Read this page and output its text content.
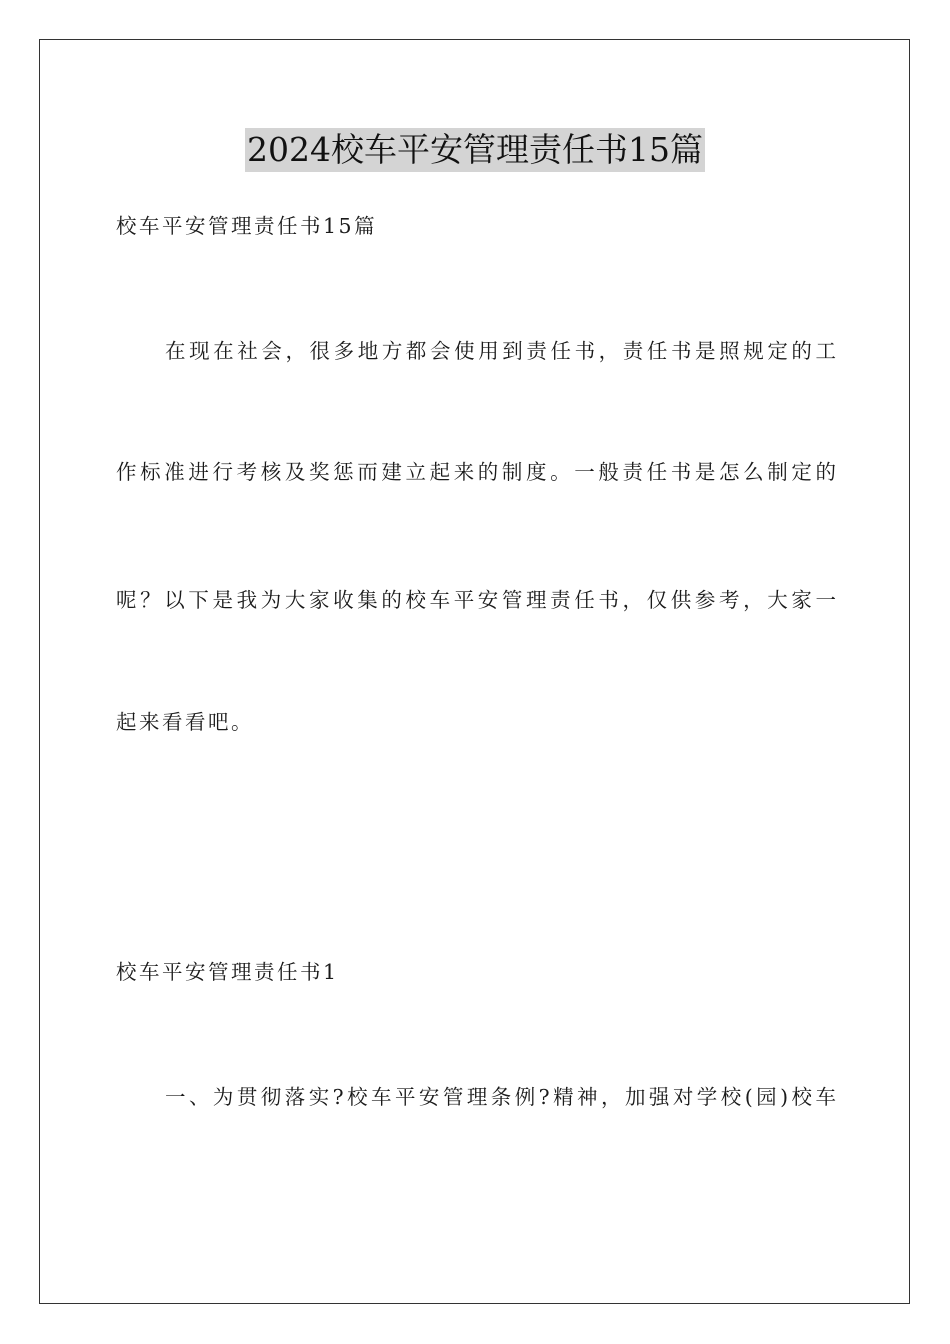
2024校车平安管理责任书15篇
校车平安管理责任书15篇
在现在社会，很多地方都会使用到责任书，责任书是照规定的工
作标准进行考核及奖惩而建立起来的制度。一般责任书是怎么制定的
呢？以下是我为大家收集的校车平安管理责任书，仅供参考，大家一
起来看看吧。
校车平安管理责任书1
一、为贯彻落实?校车平安管理条例?精神，加强对学校(园)校车
